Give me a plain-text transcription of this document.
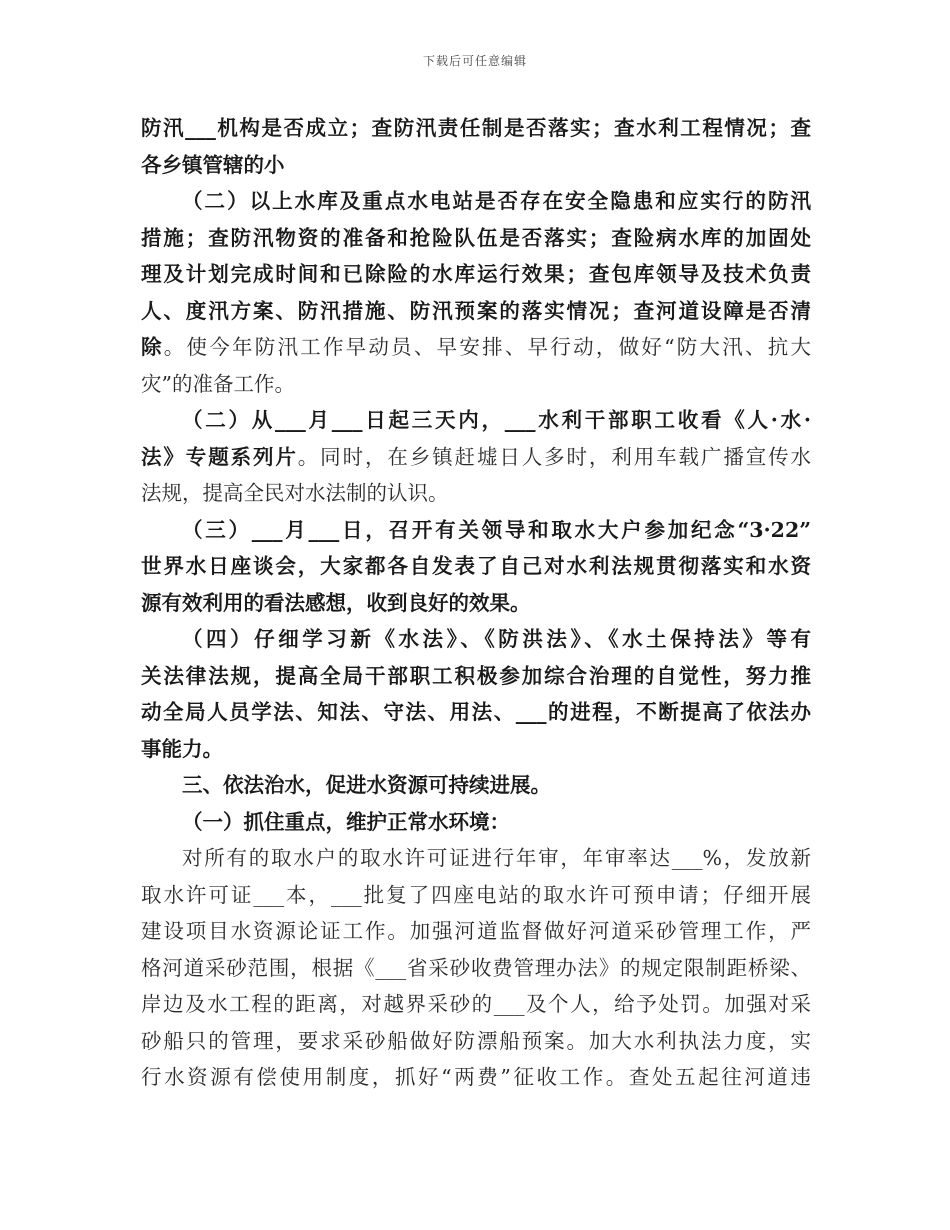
下载后可任意编辑
防汛___机构是否成立；查防汛责任制是否落实；查水利工程情况；查
各乡镇管辖的小
（二）以上水库及重点水电站是否存在安全隐患和应实行的防汛
措施；查防汛物资的准备和抢险队伍是否落实；查险病水库的加固处
理及计划完成时间和已除险的水库运行效果；查包库领导及技术负责
人、度汛方案、防汛措施、防汛预案的落实情况；查河道设障是否清
除。使今年防汛工作早动员、早安排、早行动，做好“防大汛、抗大
灾”的准备工作。
（二）从___月___日起三天内，___水利干部职工收看《人·水·
法》专题系列片。同时，在乡镇赶墟日人多时，利用车载广播宣传水
法规，提高全民对水法制的认识。
（三）___月___日，召开有关领导和取水大户参加纪念“3·22”
世界水日座谈会，大家都各自发表了自己对水利法规贯彻落实和水资
源有效利用的看法感想，收到良好的效果。
（四）仔细学习新《水法》、《防洪法》、《水土保持法》等有
关法律法规，提高全局干部职工积极参加综合治理的自觉性，努力推
动全局人员学法、知法、守法、用法、___的进程，不断提高了依法办
事能力。
三、依法治水，促进水资源可持续进展。
（一）抓住重点，维护正常水环境：
对所有的取水户的取水许可证进行年审，年审率达___%，发放新
取水许可证___本，___批复了四座电站的取水许可预申请；仔细开展
建设项目水资源论证工作。加强河道监督做好河道采砂管理工作，严
格河道采砂范围，根据《___省采砂收费管理办法》的规定限制距桥梁、
岸边及水工程的距离，对越界采砂的___及个人，给予处罚。加强对采
砂船只的管理，要求采砂船做好防漂船预案。加大水利执法力度，实
行水资源有偿使用制度，抓好“两费”征收工作。查处五起往河道违
